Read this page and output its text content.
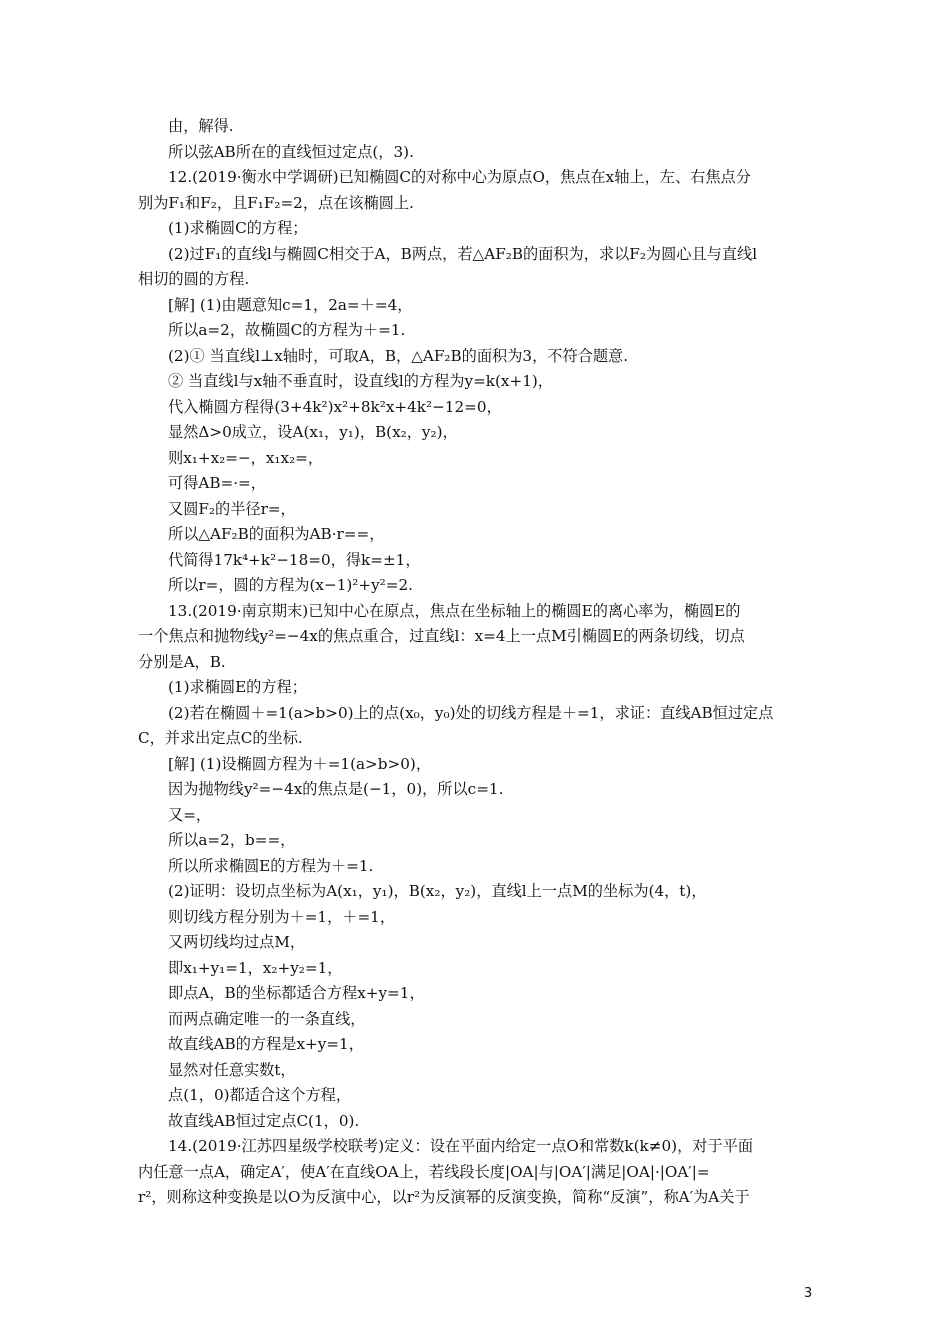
由，解得.
所以弦AB所在的直线恒过定点(，3).
12.(2019·衡水中学调研)已知椭圆C的对称中心为原点O，焦点在x轴上，左、右焦点分
别为F₁和F₂，且F₁F₂=2，点在该椭圆上.
(1)求椭圆C的方程；
(2)过F₁的直线l与椭圆C相交于A，B两点，若△AF₂B的面积为，求以F₂为圆心且与直线l
相切的圆的方程.
[解] (1)由题意知c=1，2a=＋=4，
所以a=2，故椭圆C的方程为＋=1.
(2)① 当直线l⊥x轴时，可取A，B，△AF₂B的面积为3，不符合题意.
② 当直线l与x轴不垂直时，设直线l的方程为y=k(x+1)，
代入椭圆方程得(3+4k²)x²+8k²x+4k²−12=0，
显然Δ>0成立，设A(x₁，y₁)，B(x₂，y₂)，
则x₁+x₂=−，x₁x₂=，
可得AB=·=，
又圆F₂的半径r=，
所以△AF₂B的面积为AB·r==，
代简得17k⁴+k²−18=0，得k=±1，
所以r=，圆的方程为(x−1)²+y²=2.
13.(2019·南京期末)已知中心在原点，焦点在坐标轴上的椭圆E的离心率为，椭圆E的
一个焦点和抛物线y²=−4x的焦点重合，过直线l：x=4上一点M引椭圆E的两条切线，切点
分别是A，B.
(1)求椭圆E的方程；
(2)若在椭圆＋=1(a>b>0)上的点(x₀，y₀)处的切线方程是＋=1，求证：直线AB恒过定点
C，并求出定点C的坐标.
[解] (1)设椭圆方程为＋=1(a>b>0)，
因为抛物线y²=−4x的焦点是(−1，0)，所以c=1.
又=，
所以a=2，b==，
所以所求椭圆E的方程为＋=1.
(2)证明：设切点坐标为A(x₁，y₁)，B(x₂，y₂)，直线l上一点M的坐标为(4，t)，
则切线方程分别为＋=1，＋=1，
又两切线均过点M，
即x₁+y₁=1，x₂+y₂=1，
即点A，B的坐标都适合方程x+y=1，
而两点确定唯一的一条直线，
故直线AB的方程是x+y=1，
显然对任意实数t，
点(1，0)都适合这个方程，
故直线AB恒过定点C(1，0).
14.(2019·江苏四星级学校联考)定义：设在平面内给定一点O和常数k(k≠0)，对于平面
内任意一点A，确定A′，使A′在直线OA上，若线段长度|OA|与|OA′|满足|OA|·|OA′|=
r²，则称这种变换是以O为反演中心，以r²为反演幂的反演变换，简称“反演”，称A′为A关于
3
